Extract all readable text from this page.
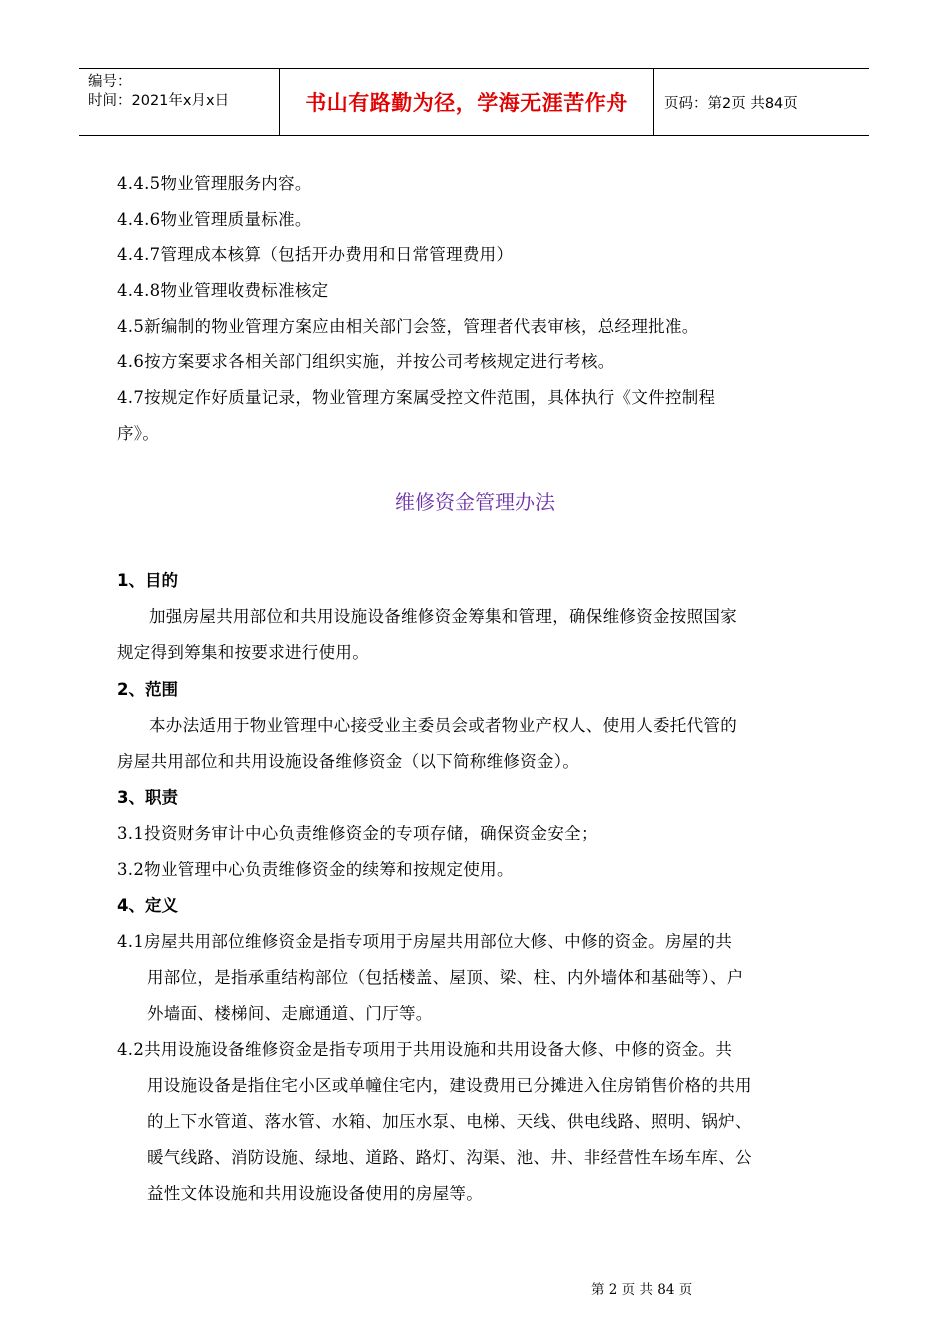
编号：
时间：2021年x月x日	书山有路勤为径，学海无涯苦作舟	页码：第2页 共84页
4.4.5物业管理服务内容。
4.4.6物业管理质量标准。
4.4.7管理成本核算（包括开办费用和日常管理费用）
4.4.8物业管理收费标准核定
4.5新编制的物业管理方案应由相关部门会签，管理者代表审核，总经理批准。
4.6按方案要求各相关部门组织实施，并按公司考核规定进行考核。
4.7按规定作好质量记录，物业管理方案属受控文件范围，具体执行《文件控制程
序》。
维修资金管理办法
1、目的
加强房屋共用部位和共用设施设备维修资金筹集和管理，确保维修资金按照国家
规定得到筹集和按要求进行使用。
2、范围
本办法适用于物业管理中心接受业主委员会或者物业产权人、使用人委托代管的
房屋共用部位和共用设施设备维修资金（以下简称维修资金）。
3、职责
3.1投资财务审计中心负责维修资金的专项存储，确保资金安全；
3.2物业管理中心负责维修资金的续筹和按规定使用。
4、定义
4.1房屋共用部位维修资金是指专项用于房屋共用部位大修、中修的资金。房屋的共
用部位，是指承重结构部位（包括楼盖、屋顶、梁、柱、内外墙体和基础等）、户
外墙面、楼梯间、走廊通道、门厅等。
4.2共用设施设备维修资金是指专项用于共用设施和共用设备大修、中修的资金。共
用设施设备是指住宅小区或单幢住宅内，建设费用已分摊进入住房销售价格的共用
的上下水管道、落水管、水箱、加压水泵、电梯、天线、供电线路、照明、锅炉、
暖气线路、消防设施、绿地、道路、路灯、沟渠、池、井、非经营性车场车库、公
益性文体设施和共用设施设备使用的房屋等。
第 2 页 共 84 页
